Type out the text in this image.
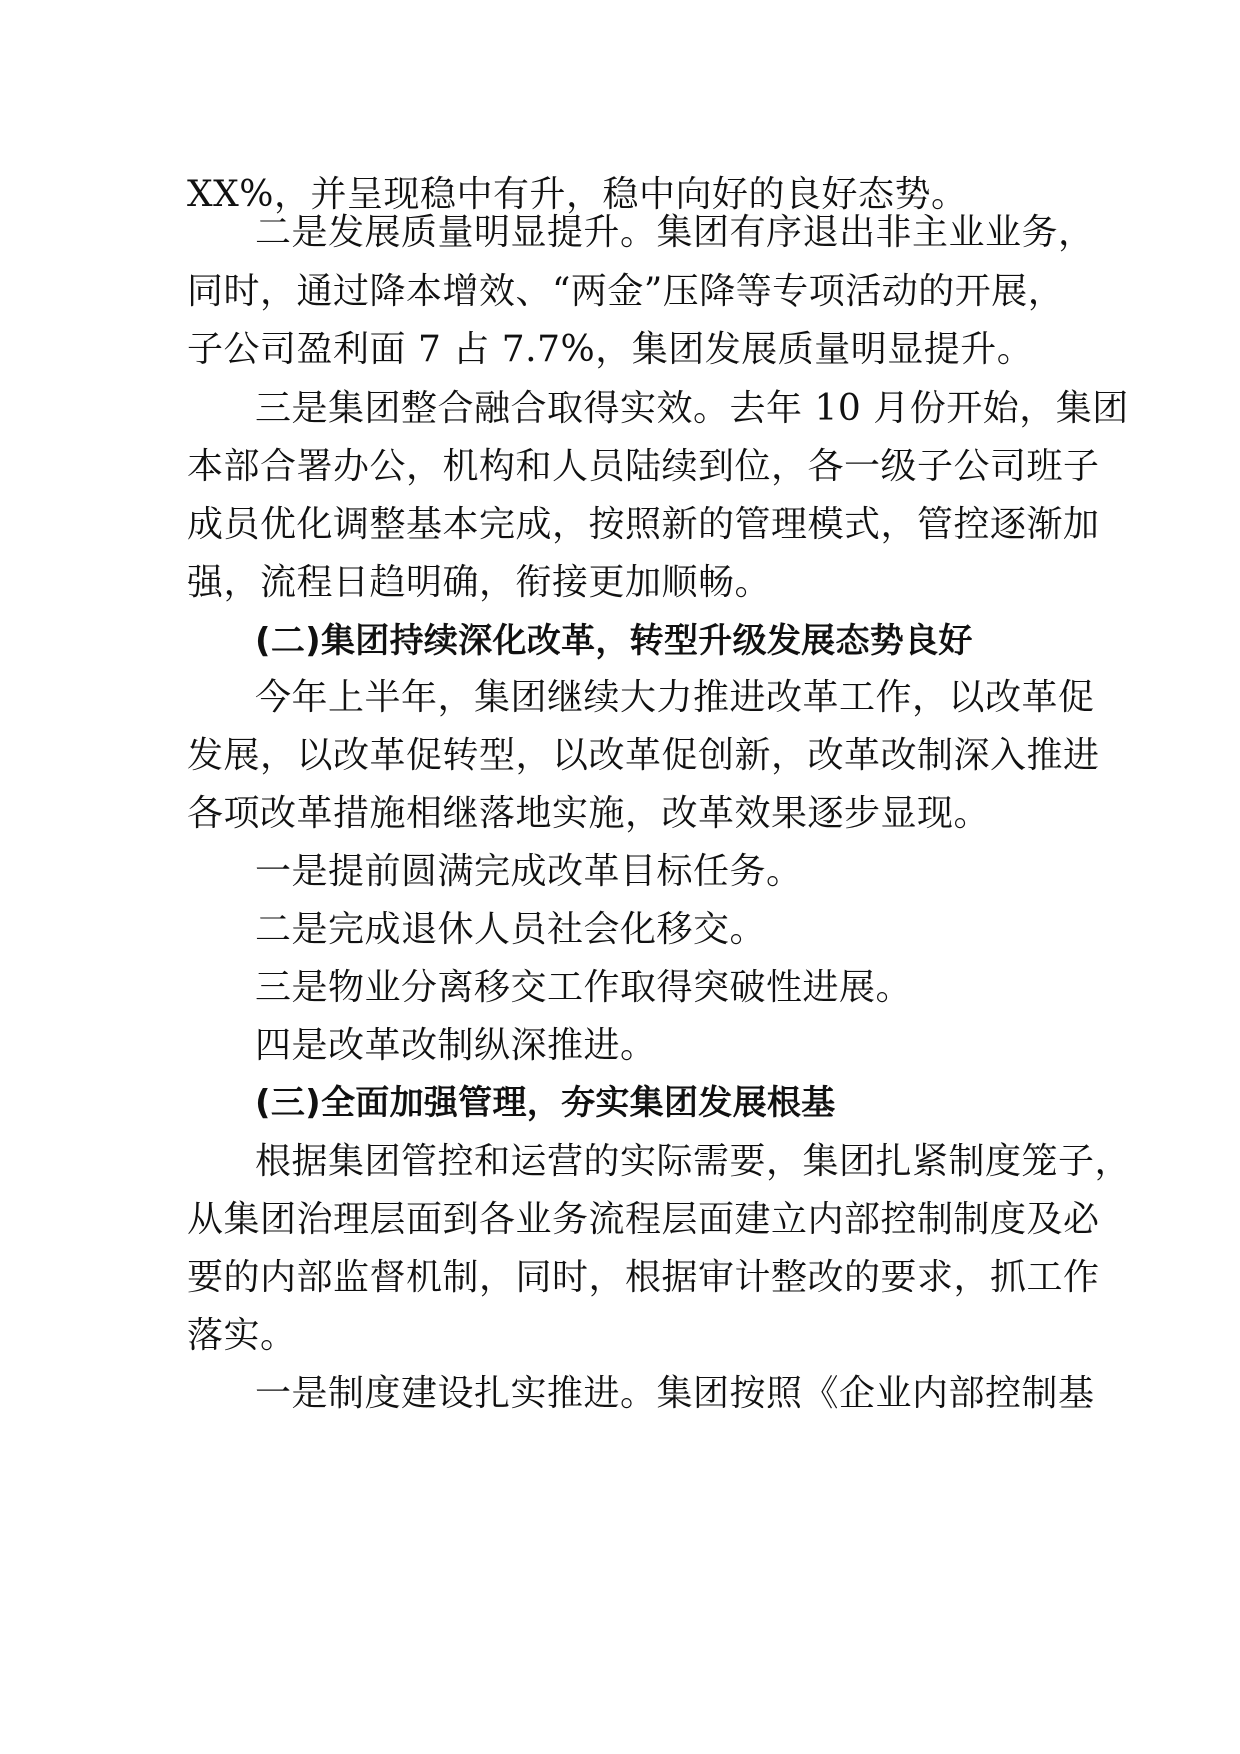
XX%，并呈现稳中有升，稳中向好的良好态势。
二是发展质量明显提升。集团有序退出非主业业务，
同时，通过降本增效、“两金”压降等专项活动的开展，
子公司盈利面 7 占 7.7%，集团发展质量明显提升。
三是集团整合融合取得实效。去年 10 月份开始，集团
本部合署办公，机构和人员陆续到位，各一级子公司班子
成员优化调整基本完成，按照新的管理模式，管控逐渐加
强，流程日趋明确，衔接更加顺畅。
(二)集团持续深化改革，转型升级发展态势良好
今年上半年，集团继续大力推进改革工作，以改革促
发展，以改革促转型，以改革促创新，改革改制深入推进
各项改革措施相继落地实施，改革效果逐步显现。
一是提前圆满完成改革目标任务。
二是完成退休人员社会化移交。
三是物业分离移交工作取得突破性进展。
四是改革改制纵深推进。
(三)全面加强管理，夯实集团发展根基
根据集团管控和运营的实际需要，集团扎紧制度笼子，
从集团治理层面到各业务流程层面建立内部控制制度及必
要的内部监督机制，同时，根据审计整改的要求，抓工作
落实。
一是制度建设扎实推进。集团按照《企业内部控制基
